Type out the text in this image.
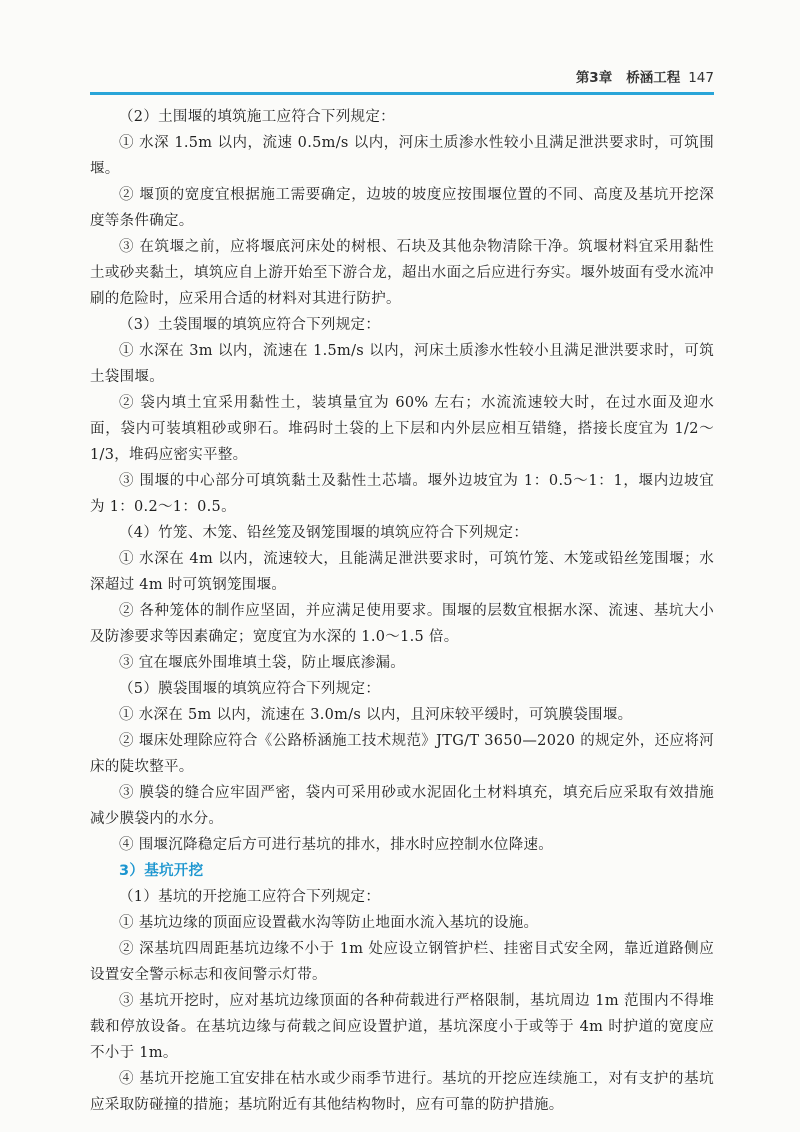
第3章 桥涵工程 147

（2）土围堰的填筑施工应符合下列规定：

① 水深 1.5m 以内，流速 0.5m/s 以内，河床土质渗水性较小且满足泄洪要求时，可筑围堰。

② 堰顶的宽度宜根据施工需要确定，边坡的坡度应按围堰位置的不同、高度及基坑开挖深度等条件确定。

③ 在筑堰之前，应将堰底河床处的树根、石块及其他杂物清除干净。筑堰材料宜采用黏性土或砂夹黏土，填筑应自上游开始至下游合龙，超出水面之后应进行夯实。堰外坡面有受水流冲刷的危险时，应采用合适的材料对其进行防护。

（3）土袋围堰的填筑应符合下列规定：

① 水深在 3m 以内，流速在 1.5m/s 以内，河床土质渗水性较小且满足泄洪要求时，可筑土袋围堰。

② 袋内填土宜采用黏性土，装填量宜为 60% 左右；水流流速较大时，在过水面及迎水面，袋内可装填粗砂或卵石。堆码时土袋的上下层和内外层应相互错缝，搭接长度宜为 1/2～1/3，堆码应密实平整。

③ 围堰的中心部分可填筑黏土及黏性土芯墙。堰外边坡宜为 1：0.5～1：1，堰内边坡宜为 1：0.2～1：0.5。

（4）竹笼、木笼、铅丝笼及钢笼围堰的填筑应符合下列规定：

① 水深在 4m 以内，流速较大，且能满足泄洪要求时，可筑竹笼、木笼或铅丝笼围堰；水深超过 4m 时可筑钢笼围堰。

② 各种笼体的制作应坚固，并应满足使用要求。围堰的层数宜根据水深、流速、基坑大小及防渗要求等因素确定；宽度宜为水深的 1.0～1.5 倍。

③ 宜在堰底外围堆填土袋，防止堰底渗漏。

（5）膜袋围堰的填筑应符合下列规定：

① 水深在 5m 以内，流速在 3.0m/s 以内，且河床较平缓时，可筑膜袋围堰。

② 堰床处理除应符合《公路桥涵施工技术规范》JTG/T 3650—2020 的规定外，还应将河床的陡坎整平。

③ 膜袋的缝合应牢固严密，袋内可采用砂或水泥固化土材料填充，填充后应采取有效措施减少膜袋内的水分。

④ 围堰沉降稳定后方可进行基坑的排水，排水时应控制水位降速。

3）基坑开挖

（1）基坑的开挖施工应符合下列规定：

① 基坑边缘的顶面应设置截水沟等防止地面水流入基坑的设施。

② 深基坑四周距基坑边缘不小于 1m 处应设立钢管护栏、挂密目式安全网，靠近道路侧应设置安全警示标志和夜间警示灯带。

③ 基坑开挖时，应对基坑边缘顶面的各种荷载进行严格限制，基坑周边 1m 范围内不得堆载和停放设备。在基坑边缘与荷载之间应设置护道，基坑深度小于或等于 4m 时护道的宽度应不小于 1m。

④ 基坑开挖施工宜安排在枯水或少雨季节进行。基坑的开挖应连续施工，对有支护的基坑应采取防碰撞的措施；基坑附近有其他结构物时，应有可靠的防护措施。
